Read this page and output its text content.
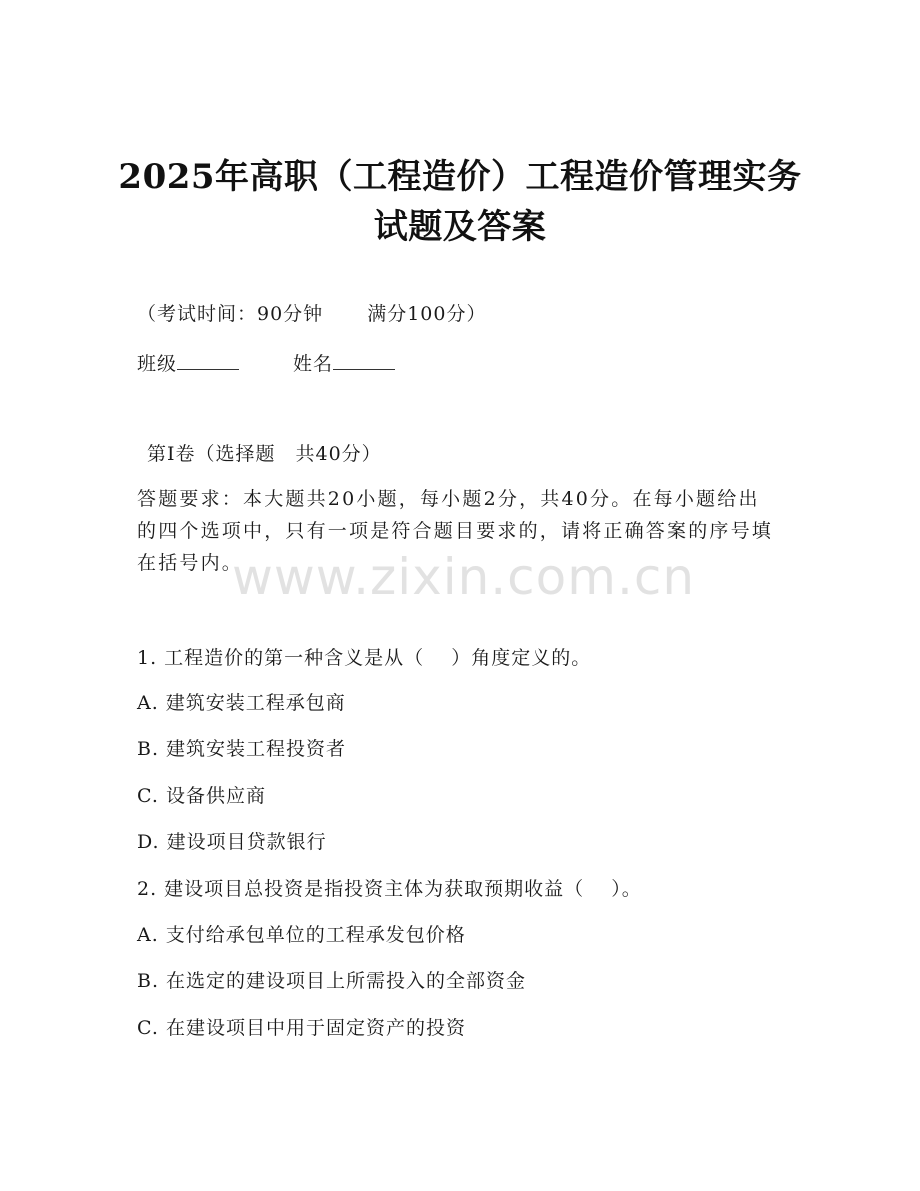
2025年高职（工程造价）工程造价管理实务
试题及答案
（考试时间：90分钟 满分100分）
班级	姓名
第Ⅰ卷（选择题　共40分）
答题要求：本大题共20小题，每小题2分，共40分。在每小题给出的四个选项中，只有一项是符合题目要求的，请将正确答案的序号填在括号内。
www.zixin.com.cn
1. 工程造价的第一种含义是从（　 ）角度定义的。
A. 建筑安装工程承包商
B. 建筑安装工程投资者
C. 设备供应商
D. 建设项目贷款银行
2. 建设项目总投资是指投资主体为获取预期收益（　 ）。
A. 支付给承包单位的工程承发包价格
B. 在选定的建设项目上所需投入的全部资金
C. 在建设项目中用于固定资产的投资
